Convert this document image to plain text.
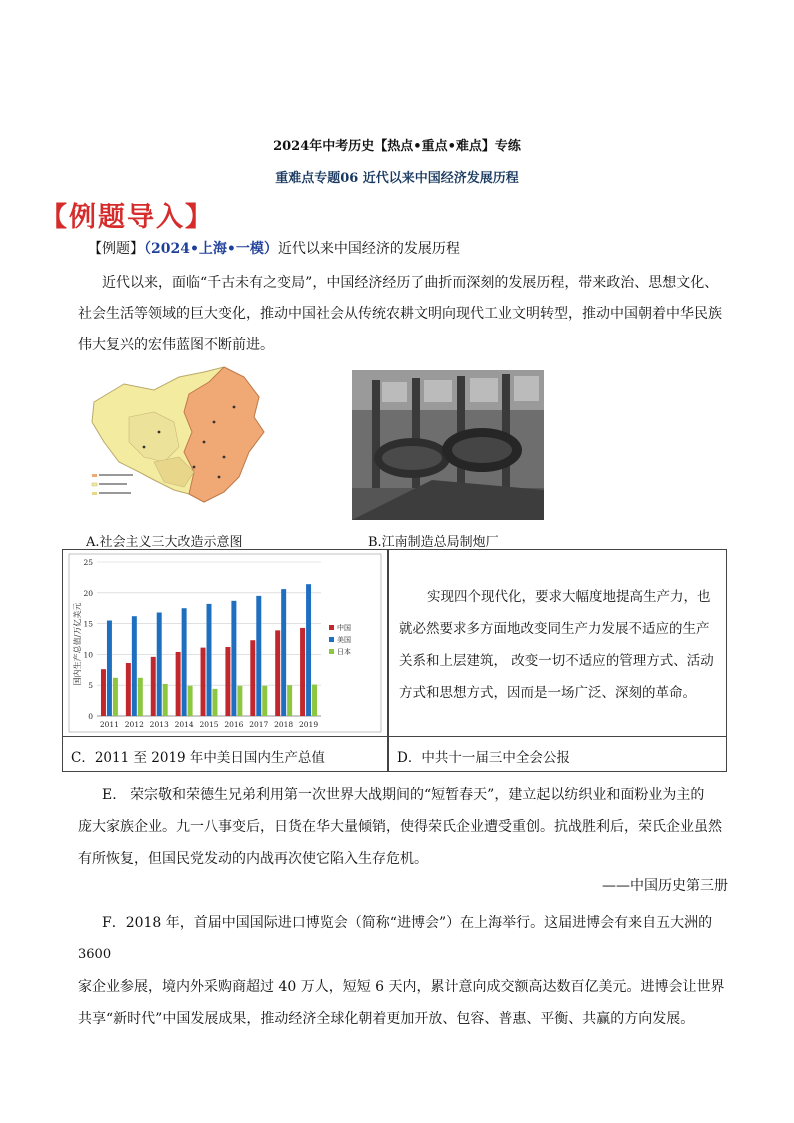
2024年中考历史【热点•重点•难点】专练
重难点专题06 近代以来中国经济发展历程
【例题导入】
【例题】（2024•上海•一模）近代以来中国经济的发展历程
近代以来，面临“千古未有之变局”，中国经济经历了曲折而深刻的发展历程，带来政治、思想文化、
社会生活等领域的巨大变化，推动中国社会从传统农耕文明向现代工业文明转型，推动中国朝着中华民族
伟大复兴的宏伟蓝图不断前进。
A.社会主义三大改造示意图	B.江南制造总局制炮厂
0
5
10
15
20
25
2011 2012 2013 2014 2015 2016 2017 2018 2019
国内生产总值/万亿美元	中国
美国
日本
实现四个现代化，要求大幅度地提高生产力，也
就必然要求多方面地改变同生产力发展不适应的生产
关系和上层建筑， 改变一切不适应的管理方式、活动
方式和思想方式，因而是一场广泛、深刻的革命。
C．2011 至 2019 年中美日国内生产总值	D．中共十一届三中全会公报
E. 荣宗敬和荣德生兄弟利用第一次世界大战期间的“短暂春天”，建立起以纺织业和面粉业为主的
庞大家族企业。九一八事变后，日货在华大量倾销，使得荣氏企业遭受重创。抗战胜利后，荣氏企业虽然
有所恢复，但国民党发动的内战再次使它陷入生存危机。
——中国历史第三册
F．2018 年，首届中国国际进口博览会（简称“进博会”）在上海举行。这届进博会有来自五大洲的
3600
家企业参展，境内外采购商超过 40 万人，短短 6 天内，累计意向成交额高达数百亿美元。进博会让世界
共享“新时代”中国发展成果，推动经济全球化朝着更加开放、包容、普惠、平衡、共赢的方向发展。
